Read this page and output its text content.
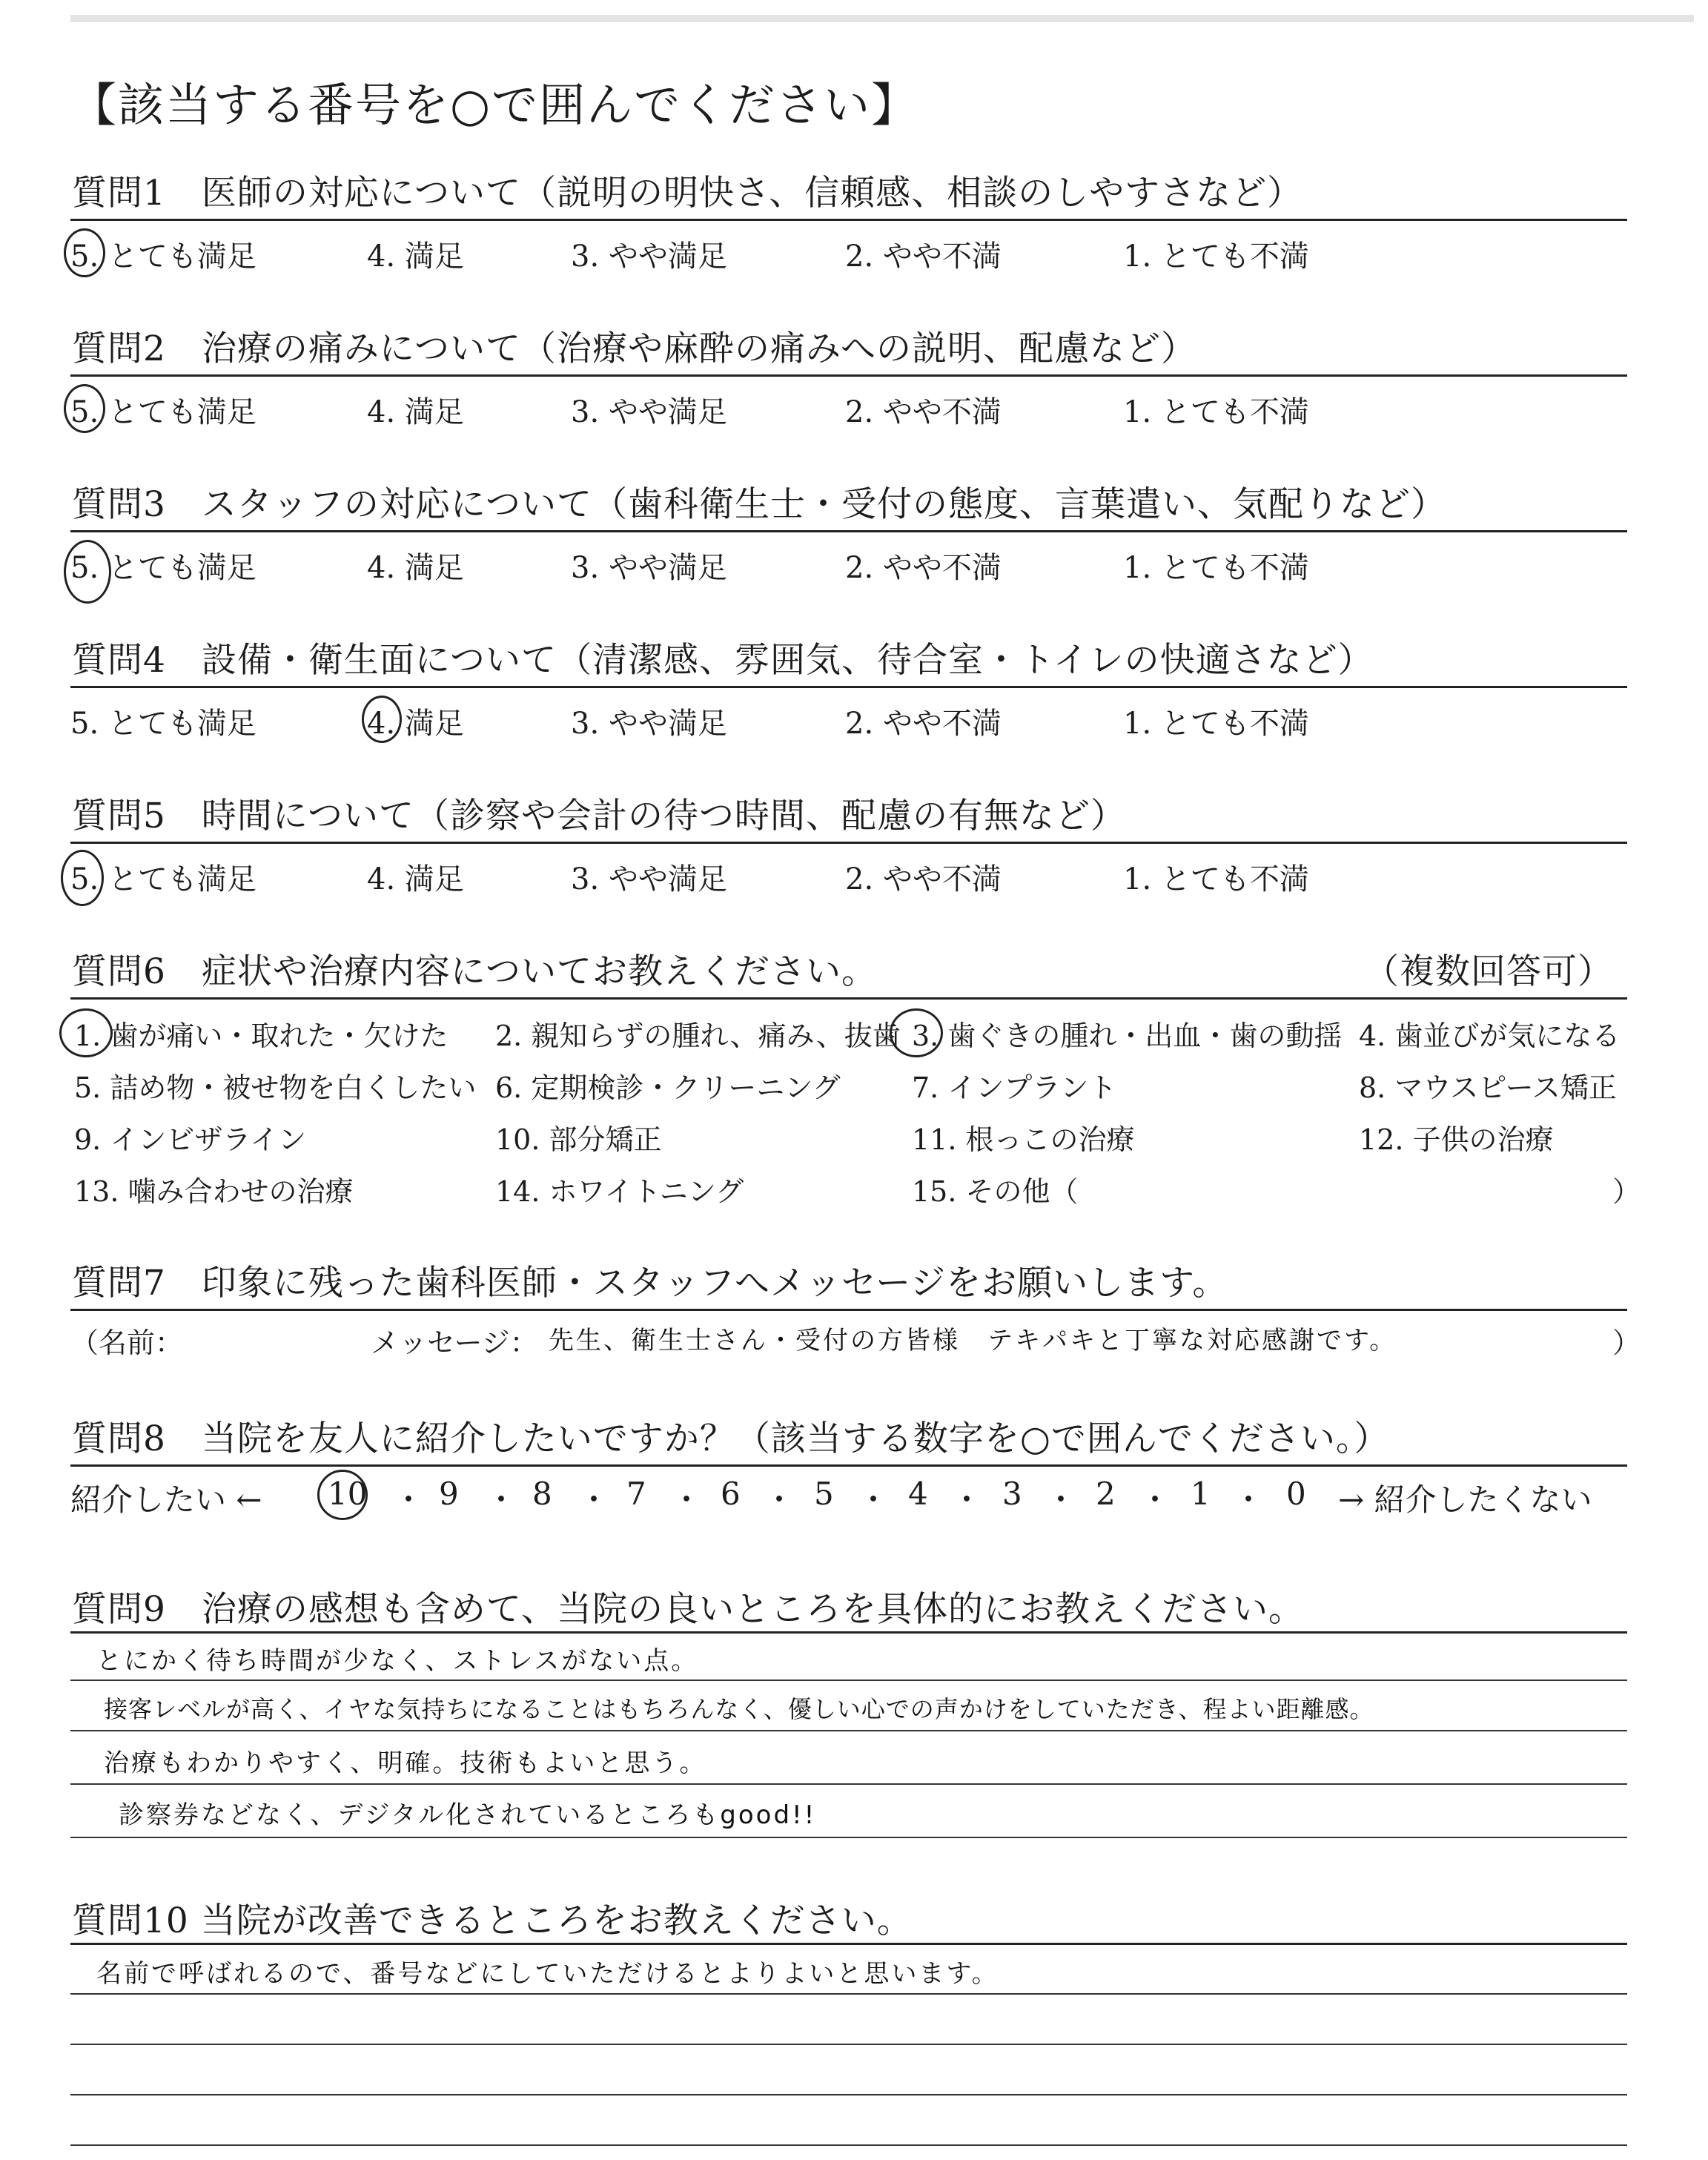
【該当する番号を○で囲んでください】
質問1　医師の対応について（説明の明快さ、信頼感、相談のしやすさなど）
5. とても満足	4. 満足	3. やや満足	2. やや不満	1. とても不満
質問2　治療の痛みについて（治療や麻酔の痛みへの説明、配慮など）
5. とても満足	4. 満足	3. やや満足	2. やや不満	1. とても不満
質問3　スタッフの対応について（歯科衛生士・受付の態度、言葉遣い、気配りなど）
5. とても満足	4. 満足	3. やや満足	2. やや不満	1. とても不満
質問4　設備・衛生面について（清潔感、雰囲気、待合室・トイレの快適さなど）
5. とても満足	4. 満足	3. やや満足	2. やや不満	1. とても不満
質問5　時間について（診察や会計の待つ時間、配慮の有無など）
5. とても満足	4. 満足	3. やや満足	2. やや不満	1. とても不満
質問6　症状や治療内容についてお教えください。	（複数回答可）
1. 歯が痛い・取れた・欠けた 2. 親知らずの腫れ、痛み、抜歯 3. 歯ぐきの腫れ・出血・歯の動揺 4. 歯並びが気になる
5. 詰め物・被せ物を白くしたい 6. 定期検診・クリーニング	7. インプラント	8. マウスピース矯正
9. インビザライン	10. 部分矯正	11. 根っこの治療	12. 子供の治療
13. 噛み合わせの治療	14. ホワイトニング	15. その他（	）
質問7　印象に残った歯科医師・スタッフへメッセージをお願いします。
（名前：	メッセージ： 先生、衛生士さん・受付の方皆様　テキパキと丁寧な対応感謝です。	）
質問8　当院を友人に紹介したいですか？（該当する数字を○で囲んでください。）
紹介したい ←	→ 紹介したくない
10 ・ 9 ・ 8 ・ 7 ・ 6 ・ 5 ・ 4 ・ 3 ・ 2 ・ 1 ・ 0
質問9　治療の感想も含めて、当院の良いところを具体的にお教えください。
とにかく待ち時間が少なく、ストレスがない点。
接客レベルが高く、イヤな気持ちになることはもちろんなく、優しい心での声かけをしていただき、程よい距離感。
治療もわかりやすく、明確。技術もよいと思う。
診察券などなく、デジタル化されているところもgood!!
質問10 当院が改善できるところをお教えください。
名前で呼ばれるので、番号などにしていただけるとよりよいと思います。
